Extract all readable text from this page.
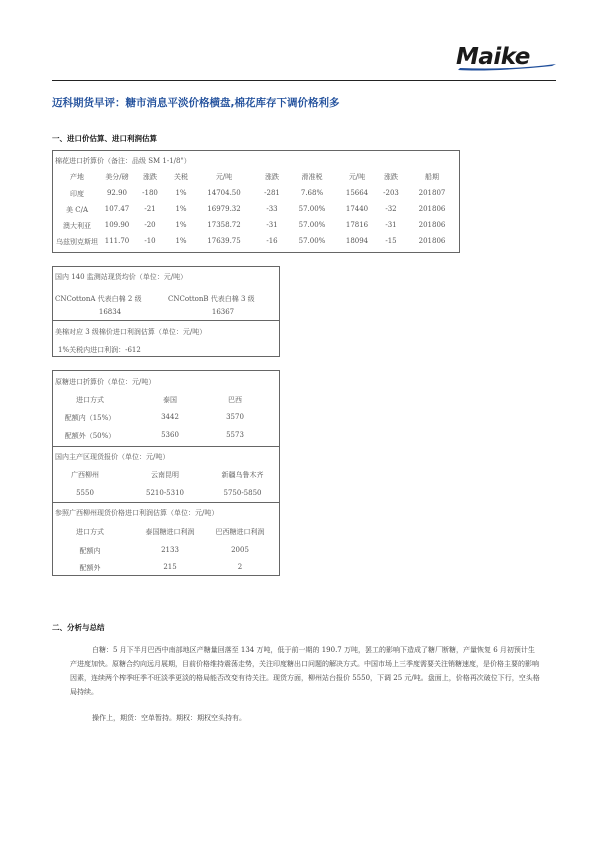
Maike
迈科期货早评：糖市消息平淡价格横盘,棉花库存下调价格利多
一、进口价估算、进口利润估算
棉花进口折算价（备注：品级 SM 1-1/8"）
国内 140 监测站现货均价（单位：元/吨）
CNCottonA 代表白棉 2 级	CNCottonB 代表白棉 3 级
16834	16367
美棉对应 3 级棉价进口利润估算（单位：元/吨）
1%关税内进口利润：-612
原糖进口折算价（单位：元/吨）
国内主产区现货报价（单位：元/吨）
参照广西柳州现货价格进口利润估算（单位：元/吨）
二、分析与总结
白糖：5 月下半月巴西中南部地区产糖量回落至 134 万吨，低于前一期的 190.7 万吨，罢工的影响下造成了糖厂断糖，产量恢复 6 月初预计生产进度加快。原糖合约向远月展期，目前价格维持震荡走势，关注印度糖出口问题的解决方式。中国市场上三季度需要关注销糖速度，是价格主要的影响因素，连续两个榨季旺季不旺淡季更淡的格局能否改变有待关注。现货方面，柳州站台报价 5550，下调 25 元/吨。盘面上，价格再次破位下行，空头格局持续。
操作上，期货：空单暂持。期权：期权空头持有。
产地	美分/磅	涨跌	关税	元/吨	涨跌	滑准税	元/吨	涨跌	船期
印度	92.90	-180	1%	14704.50	-281	7.68%	15664	-203	201807
美 C/A	107.47	-21	1%	16979.32	-33	57.00%	17440	-32	201806
澳大利亚	109.90	-20	1%	17358.72	-31	57.00%	17816	-31	201806
乌兹别克斯坦 111.70	-10	1%	17639.75	-16	57.00%	18094	-15	201806
进口方式	泰国	巴西
配额内（15%）	3442	3570
配额外（50%）	5360	5573
广西柳州	云南昆明	新疆乌鲁木齐
5550	5210-5310	5750-5850
进口方式	泰国糖进口利润	巴西糖进口利润
配额内	2133	2005
配额外	215	2
